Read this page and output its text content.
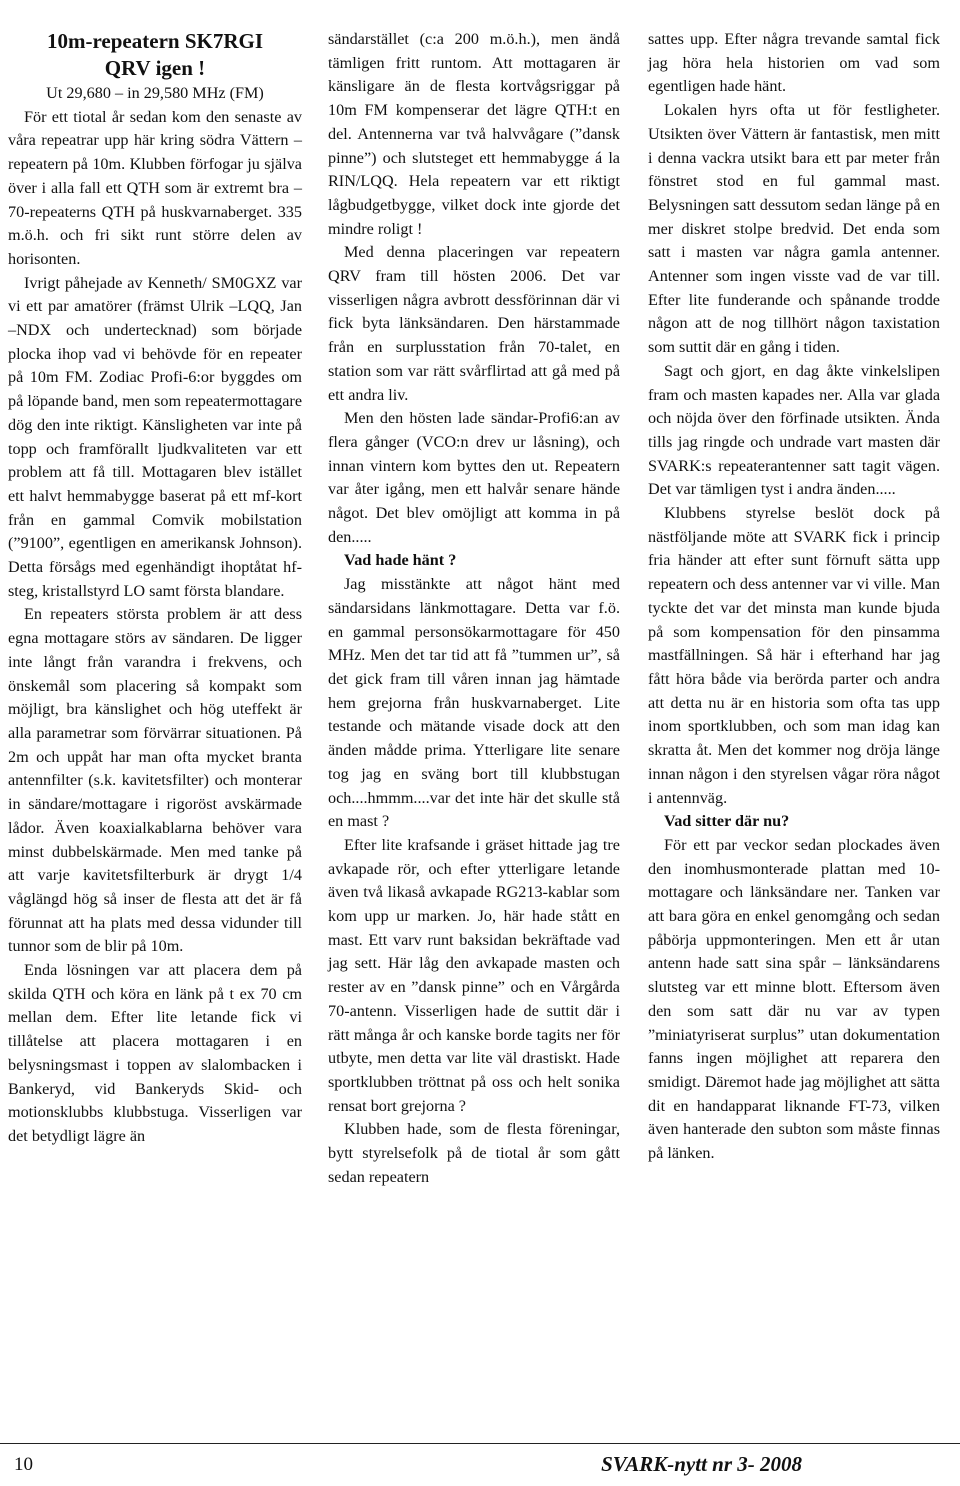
10m-repeatern SK7RGI
QRV igen !

Ut 29,680 – in 29,580 MHz (FM)

För ett tiotal år sedan kom den senaste av våra repeatrar upp här kring södra Vättern – repeatern på 10m. Klubben förfogar ju själva över i alla fall ett QTH som är extremt bra – 70-repeaterns QTH på huskvarnaberget. 335 m.ö.h. och fri sikt runt större delen av horisonten.

Ivrigt påhejade av Kenneth/ SM0GXZ var vi ett par amatörer (främst Ulrik –LQQ, Jan –NDX och undertecknad) som började plocka ihop vad vi behövde för en repeater på 10m FM. Zodiac Profi-6:or byggdes om på löpande band, men som repeatermottagare dög den inte riktigt. Känsligheten var inte på topp och framförallt ljudkvaliteten var ett problem att få till. Mottagaren blev istället ett halvt hemmabygge baserat på ett mf-kort från en gammal Comvik mobilstation (”9100”, egentligen en amerikansk Johnson). Detta försågs med egenhändigt ihoptåtat hf-steg, kristallstyrd LO samt första blandare.

En repeaters största problem är att dess egna mottagare störs av sändaren. De ligger inte långt från varandra i frekvens, och önskemål som placering så kompakt som möjligt, bra känslighet och hög uteffekt är alla parametrar som förvärrar situationen. På 2m och uppåt har man ofta mycket branta antennfilter (s.k. kavitetsfilter) och monterar in sändare/mottagare i rigoröst avskärmade lådor. Även koaxialkablarna behöver vara minst dubbelskärmade. Men med tanke på att varje kavitetsfilterburk är drygt 1/4 våglängd hög så inser de flesta att det är få förunnat att ha plats med dessa vidunder till tunnor som de blir på 10m.

Enda lösningen var att placera dem på skilda QTH och köra en länk på t ex 70 cm mellan dem. Efter lite letande fick vi tillåtelse att placera mottagaren i en belysningsmast i toppen av slalombacken i Bankeryd, vid Bankeryds Skid- och motionsklubbs klubbstuga. Visserligen var det betydligt lägre än

sändarstället (c:a 200 m.ö.h.), men ändå tämligen fritt runtom. Att mottagaren är känsligare än de flesta kortvågsriggar på 10m FM kompenserar det lägre QTH:t en del. Antennerna var två halvvågare (”dansk pinne”) och slutsteget ett hemmabygge á la RIN/LQQ. Hela repeatern var ett riktigt lågbudgetbygge, vilket dock inte gjorde det mindre roligt !

Med denna placeringen var repeatern QRV fram till hösten 2006. Det var visserligen några avbrott dessförinnan där vi fick byta länksändaren. Den härstammade från en surplusstation från 70-talet, en station som var rätt svårflirtad att gå med på ett andra liv.

Men den hösten lade sändar-Profi6:an av flera gånger (VCO:n drev ur låsning), och innan vintern kom byttes den ut. Repeatern var åter igång, men ett halvår senare hände något. Det blev omöjligt att komma in på den.....

Vad hade hänt ?

Jag misstänkte att något hänt med sändarsidans länkmottagare. Detta var f.ö. en gammal personsökarmottagare för 450 MHz. Men det tar tid att få ”tummen ur”, så det gick fram till våren innan jag hämtade hem grejorna från huskvarnaberget. Lite testande och mätande visade dock att den änden mådde prima. Ytterligare lite senare tog jag en sväng bort till klubbstugan och....hmmm....var det inte här det skulle stå en mast ?

Efter lite krafsande i gräset hittade jag tre avkapade rör, och efter ytterligare letande även två likaså avkapade RG213-kablar som kom upp ur marken. Jo, här hade stått en mast. Ett varv runt baksidan bekräftade vad jag sett. Här låg den avkapade masten och rester av en ”dansk pinne” och en Vårgårda 70-antenn. Visserligen hade de suttit där i rätt många år och kanske borde tagits ner för utbyte, men detta var lite väl drastiskt. Hade sportklubben tröttnat på oss och helt sonika rensat bort grejorna ?

Klubben hade, som de flesta föreningar, bytt styrelsefolk på de tiotal år som gått sedan repeatern

sattes upp. Efter några trevande samtal fick jag höra hela historien om vad som egentligen hade hänt.

Lokalen hyrs ofta ut för festligheter. Utsikten över Vättern är fantastisk, men mitt i denna vackra utsikt bara ett par meter från fönstret stod en ful gammal mast. Belysningen satt dessutom sedan länge på en mer diskret stolpe bredvid. Det enda som satt i masten var några gamla antenner. Antenner som ingen visste vad de var till. Efter lite funderande och spånande trodde någon att de nog tillhört någon taxistation som suttit där en gång i tiden.

Sagt och gjort, en dag åkte vinkelslipen fram och masten kapades ner. Alla var glada och nöjda över den förfinade utsikten. Ända tills jag ringde och undrade vart masten där SVARK:s repeaterantenner satt tagit vägen. Det var tämligen tyst i andra änden.....

Klubbens styrelse beslöt dock på nästföljande möte att SVARK fick i princip fria händer att efter sunt förnuft sätta upp repeatern och dess antenner var vi ville. Man tyckte det var det minsta man kunde bjuda på som kompensation för den pinsamma mastfällningen. Så här i efterhand har jag fått höra både via berörda parter och andra att detta nu är en historia som ofta tas upp inom sportklubben, och som man idag kan skratta åt. Men det kommer nog dröja länge innan någon i den styrelsen vågar röra något i antennväg.

Vad sitter där nu?

För ett par veckor sedan plockades även den inomhusmonterade plattan med 10-mottagare och länksändare ner. Tanken var att bara göra en enkel genomgång och sedan påbörja uppmonteringen. Men ett år utan antenn hade satt sina spår – länksändarens slutsteg var ett minne blott. Eftersom även den som satt där nu var av typen ”miniatyriserat surplus” utan dokumentation fanns ingen möjlighet att reparera den smidigt. Däremot hade jag möjlighet att sätta dit en handapparat liknande FT-73, vilken även hanterade den subton som måste finnas på länken.

10	SVARK-nytt nr 3- 2008
